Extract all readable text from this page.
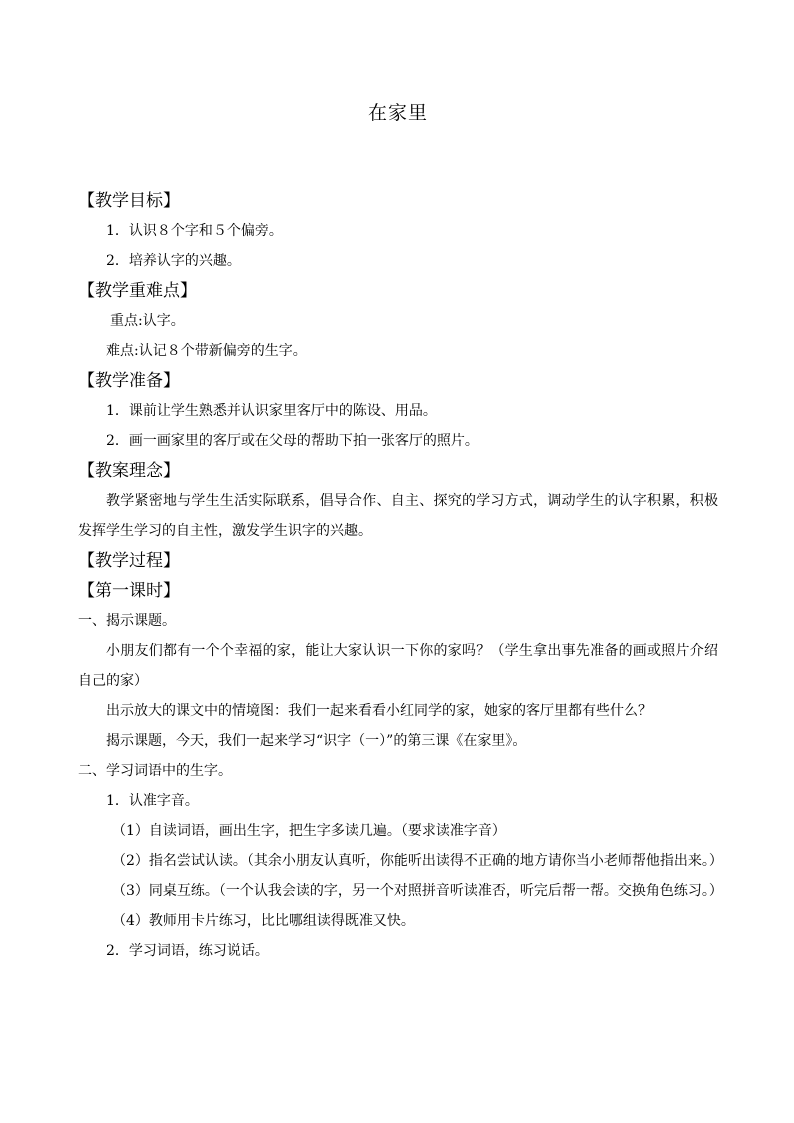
在家里
【教学目标】
1．认识８个字和５个偏旁。
2．培养认字的兴趣。
【教学重难点】
重点:认字。
难点:认记８个带新偏旁的生字。
【教学准备】
1．课前让学生熟悉并认识家里客厅中的陈设、用品。
2．画一画家里的客厅或在父母的帮助下拍一张客厅的照片。
【教案理念】
教学紧密地与学生生活实际联系，倡导合作、自主、探究的学习方式，调动学生的认字积累，积极发挥学生学习的自主性，激发学生识字的兴趣。
【教学过程】
【第一课时】
一、揭示课题。
小朋友们都有一个个幸福的家，能让大家认识一下你的家吗？（学生拿出事先准备的画或照片介绍自己的家）
出示放大的课文中的情境图：我们一起来看看小红同学的家，她家的客厅里都有些什么？
揭示课题，今天，我们一起来学习“识字（一）”的第三课《在家里》。
二、学习词语中的生字。
1．认准字音。
（1）自读词语，画出生字，把生字多读几遍。（要求读准字音）
（2）指名尝试认读。（其余小朋友认真听，你能听出读得不正确的地方请你当小老师帮他指出来。）
（3）同桌互练。（一个认我会读的字，另一个对照拼音听读准否，听完后帮一帮。交换角色练习。）
（4）教师用卡片练习，比比哪组读得既准又快。
2．学习词语，练习说话。
